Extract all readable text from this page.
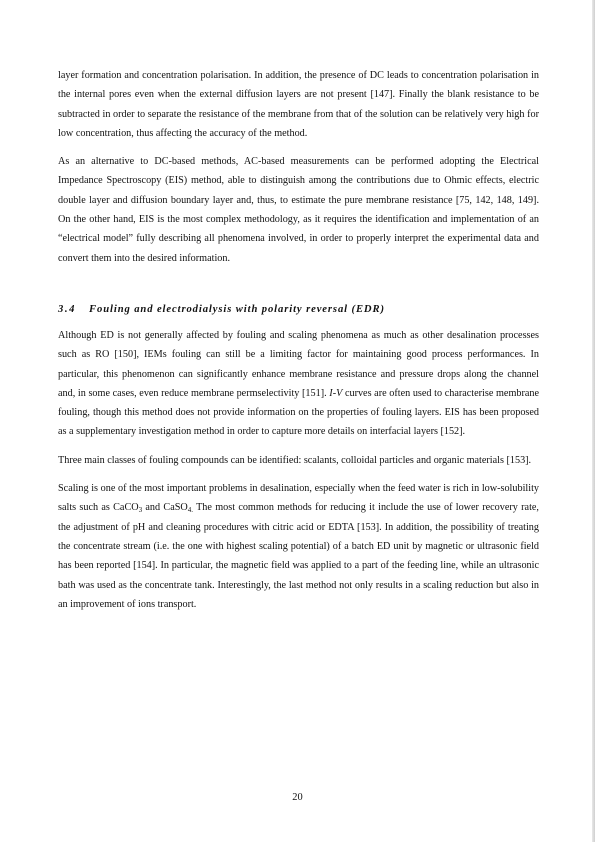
layer formation and concentration polarisation. In addition, the presence of DC leads to concentration polarisation in the internal pores even when the external diffusion layers are not present [147]. Finally the blank resistance to be subtracted in order to separate the resistance of the membrane from that of the solution can be relatively very high for low concentration, thus affecting the accuracy of the method.

As an alternative to DC-based methods, AC-based measurements can be performed adopting the Electrical Impedance Spectroscopy (EIS) method, able to distinguish among the contributions due to Ohmic effects, electric double layer and diffusion boundary layer and, thus, to estimate the pure membrane resistance [75, 142, 148, 149]. On the other hand, EIS is the most complex methodology, as it requires the identification and implementation of an “electrical model” fully describing all phenomena involved, in order to properly interpret the experimental data and convert them into the desired information.

3.4 Fouling and electrodialysis with polarity reversal (EDR)

Although ED is not generally affected by fouling and scaling phenomena as much as other desalination processes such as RO [150], IEMs fouling can still be a limiting factor for maintaining good process performances. In particular, this phenomenon can significantly enhance membrane resistance and pressure drops along the channel and, in some cases, even reduce membrane permselectivity [151]. I-V curves are often used to characterise membrane fouling, though this method does not provide information on the properties of fouling layers. EIS has been proposed as a supplementary investigation method in order to capture more details on interfacial layers [152].

Three main classes of fouling compounds can be identified: scalants, colloidal particles and organic materials [153].

Scaling is one of the most important problems in desalination, especially when the feed water is rich in low-solubility salts such as CaCO$_3$ and CaSO$_{4.}$ The most common methods for reducing it include the use of lower recovery rate, the adjustment of pH and cleaning procedures with citric acid or EDTA [153]. In addition, the possibility of treating the concentrate stream (i.e. the one with highest scaling potential) of a batch ED unit by magnetic or ultrasonic field has been reported [154]. In particular, the magnetic field was applied to a part of the feeding line, while an ultrasonic bath was used as the concentrate tank. Interestingly, the last method not only results in a scaling reduction but also in an improvement of ions transport.

20
